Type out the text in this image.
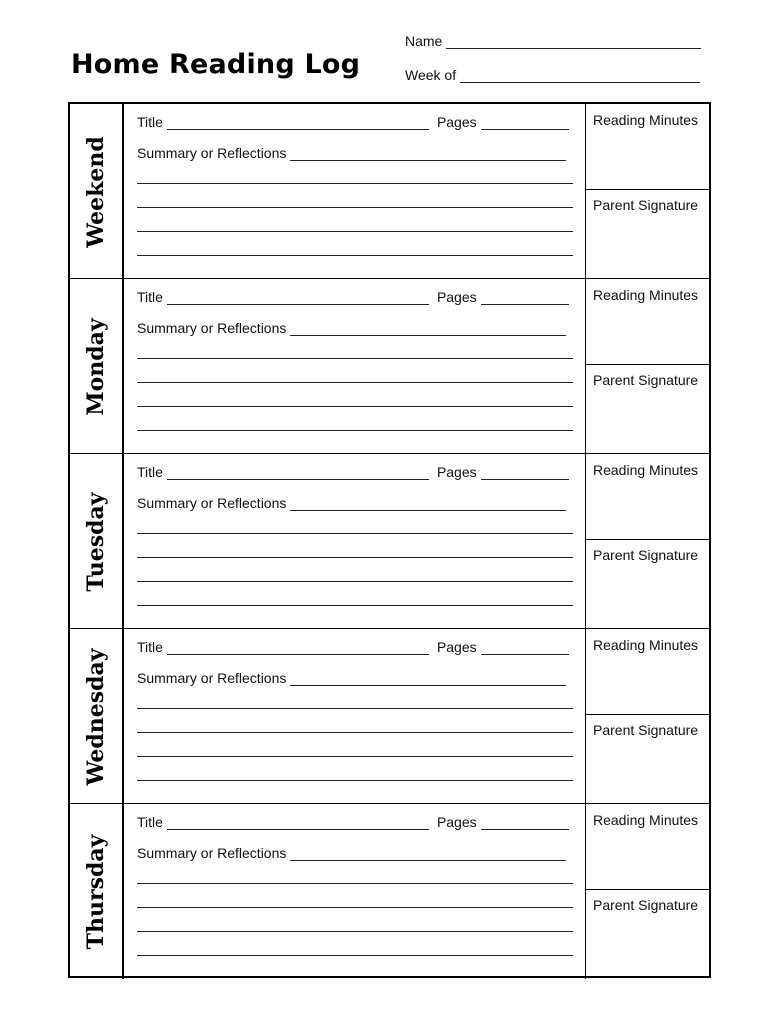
Home Reading Log
Name
Week of
Weekend
Title	Pages
Summary or Reflections
Reading Minutes
Parent Signature
Monday
Title	Pages
Summary or Reflections
Reading Minutes
Parent Signature
Tuesday
Title	Pages
Summary or Reflections
Reading Minutes
Parent Signature
Wednesday
Title	Pages
Summary or Reflections
Reading Minutes
Parent Signature
Thursday
Title	Pages
Summary or Reflections
Reading Minutes
Parent Signature
